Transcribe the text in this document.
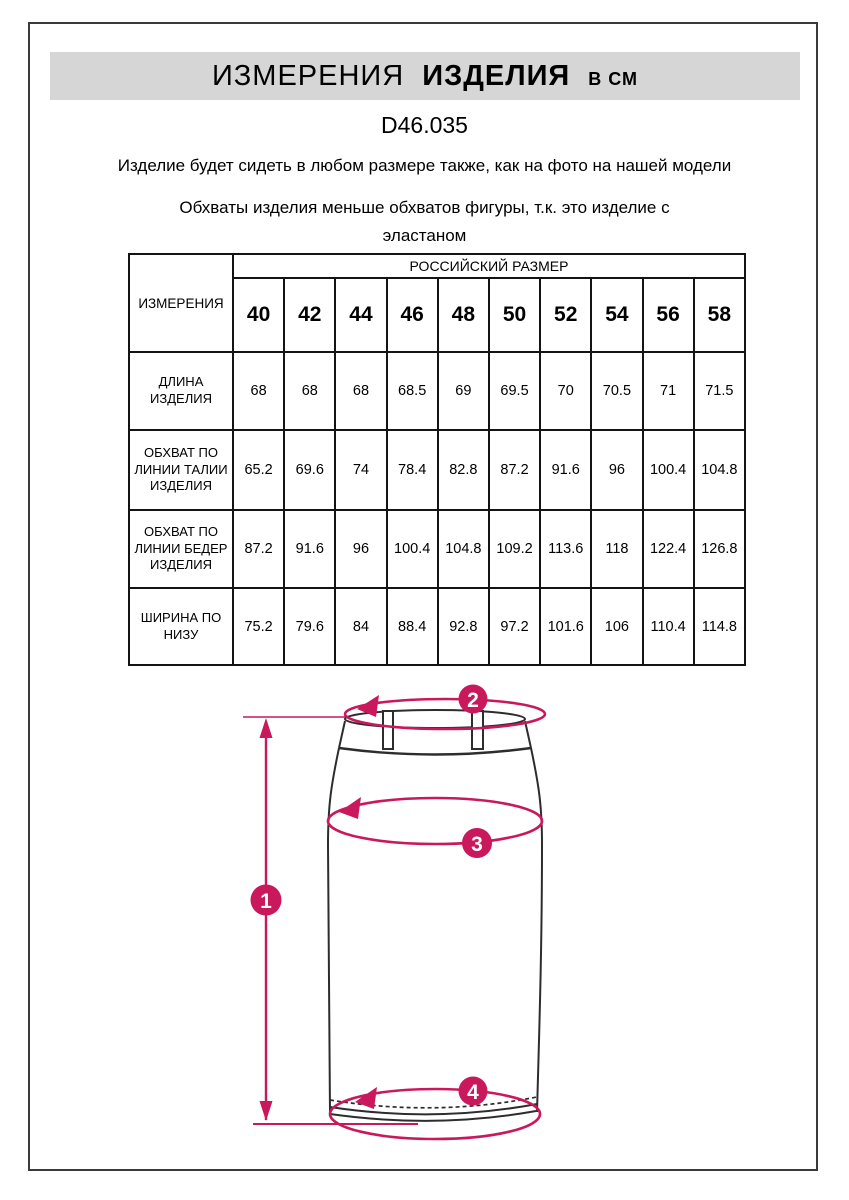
ИЗМЕРЕНИЯ ИЗДЕЛИЯ В СМ
D46.035
Изделие будет сидеть в любом размере также, как на фото на нашей модели
Обхваты изделия меньше обхватов фигуры, т.к. это изделие с эластаном
ИЗМЕРЕНИЯ	РОССИЙСКИЙ РАЗМЕР									
	40	42	44	46	48	50	52	54	56	58
ДЛИНА ИЗДЕЛИЯ	68	68	68	68.5	69	69.5	70	70.5	71	71.5
ОБХВАТ ПО ЛИНИИ ТАЛИИ ИЗДЕЛИЯ	65.2	69.6	74	78.4	82.8	87.2	91.6	96	100.4	104.8
ОБХВАТ ПО ЛИНИИ БЕДЕР ИЗДЕЛИЯ	87.2	91.6	96	100.4	104.8	109.2	113.6	118	122.4	126.8
ШИРИНА ПО НИЗУ	75.2	79.6	84	88.4	92.8	97.2	101.6	106	110.4	114.8
1
2
3
4
1
2
3
4
